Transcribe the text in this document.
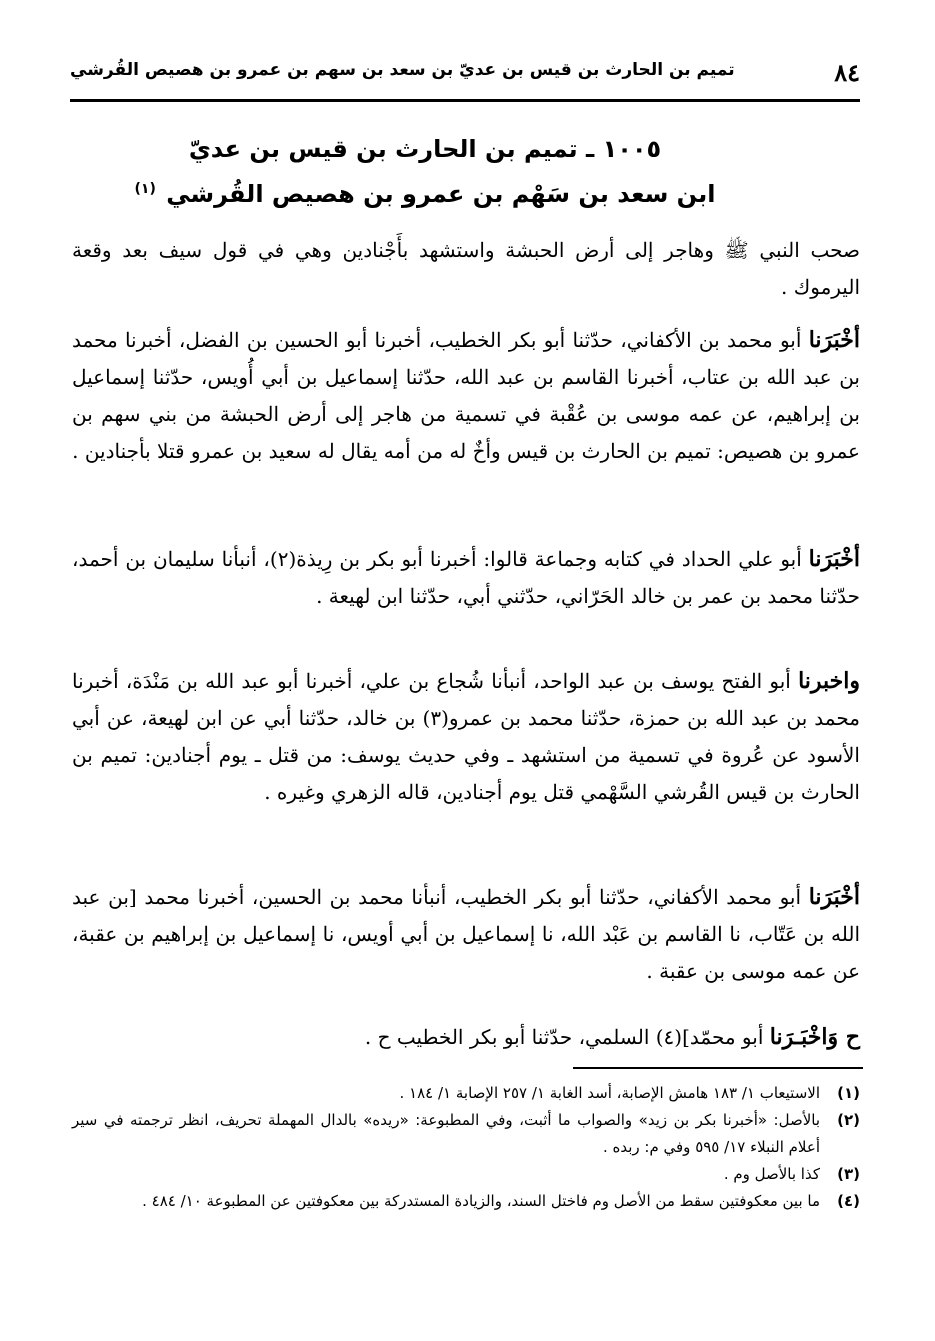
٨٤
تميم بن الحارث بن قيس بن عديّ بن سعد بن سهم بن عمرو بن هصيص القُرشي
١٠٠٥ ـ تميم بن الحارث بن قيس بن عديّ
ابن سعد بن سَهْم بن عمرو بن هصيص القُرشي $^{(١)}$

صحب النبي ﷺ وهاجر إلى أرض الحبشة واستشهد بأَجْنادين وهي في قول سيف بعد وقعة اليرموك .

أخْبَرَنا أبو محمد بن الأكفاني، حدّثنا أبو بكر الخطيب، أخبرنا أبو الحسين بن الفضل، أخبرنا محمد بن عبد الله بن عتاب، أخبرنا القاسم بن عبد الله، حدّثنا إسماعيل بن أبي أُويس، حدّثنا إسماعيل بن إبراهيم، عن عمه موسى بن عُقْبة في تسمية من هاجر إلى أرض الحبشة من بني سهم بن عمرو بن هصيص: تميم بن الحارث بن قيس وأخٌ له من أمه يقال له سعيد بن عمرو قتلا بأجنادين .

أخْبَرَنا أبو علي الحداد في كتابه وجماعة قالوا: أخبرنا أبو بكر بن رِيذة(٢)، أنبأنا سليمان بن أحمد، حدّثنا محمد بن عمر بن خالد الحَرّاني، حدّثني أبي، حدّثنا ابن لهيعة .

واخبرنا أبو الفتح يوسف بن عبد الواحد، أنبأنا شُجاع بن علي، أخبرنا أبو عبد الله بن مَنْدَة، أخبرنا محمد بن عبد الله بن حمزة، حدّثنا محمد بن عمرو(٣) بن خالد، حدّثنا أبي عن ابن لهيعة، عن أبي الأسود عن عُروة في تسمية من استشهد ـ وفي حديث يوسف: من قتل ـ يوم أجنادين: تميم بن الحارث بن قيس القُرشي السَّهْمي قتل يوم أجنادين، قاله الزهري وغيره .

أخْبَرَنا أبو محمد الأكفاني، حدّثنا أبو بكر الخطيب، أنبأنا محمد بن الحسين، أخبرنا محمد [بن عبد الله بن عَتّاب، نا القاسم بن عَبْد الله، نا إسماعيل بن أبي أويس، نا إسماعيل بن إبراهيم بن عقبة، عن عمه موسى بن عقبة .

ح وَاخْبَـرَنا أبو محمّد](٤) السلمي، حدّثنا أبو بكر الخطيب ح .

(١)
الاستيعاب ١/ ١٨٣ هامش الإصابة، أسد الغابة ١/ ٢٥٧ الإصابة ١/ ١٨٤ .
(٢)
بالأصل: «أخبرنا بكر بن زيد» والصواب ما أثبت، وفي المطبوعة: «ريده» بالدال المهملة تحريف، انظر ترجمته في سير أعلام النبلاء ١٧/ ٥٩٥ وفي م: ربده .
(٣)
كذا بالأصل وم .
(٤)
ما بين معكوفتين سقط من الأصل وم فاختل السند، والزيادة المستدركة بين معكوفتين عن المطبوعة ١٠/ ٤٨٤ .
